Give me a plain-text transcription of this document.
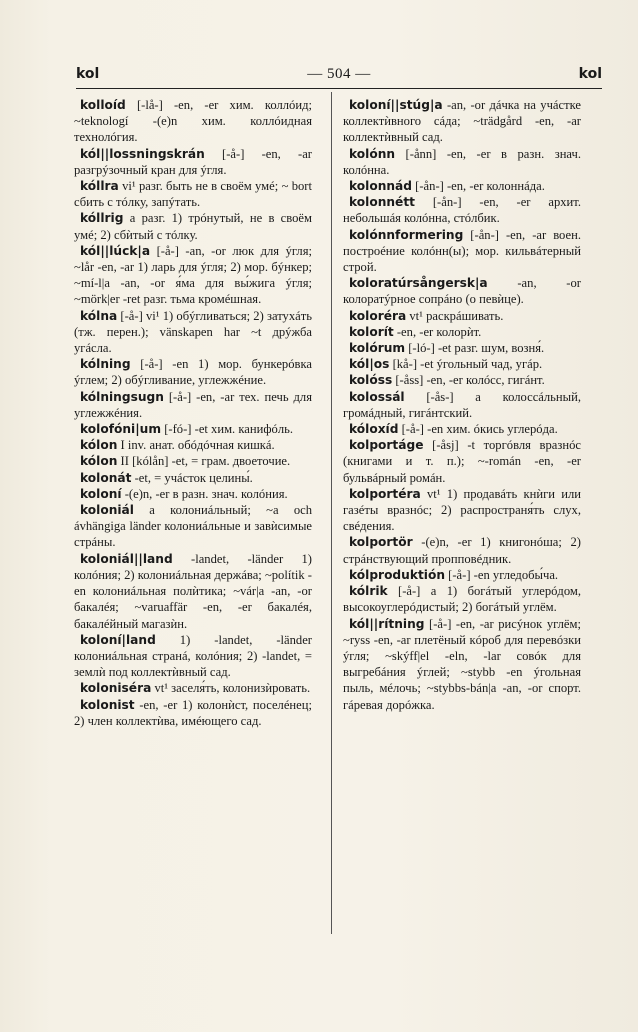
kol	— 504 —	kol

kolloíd [-lå-] -en, -er хим. коллóид; ~teknologí -(e)n хим. коллóидная технолóгия.

kól||lossningskrán [-å-] -en, -ar разгрýзочный кран для ýгля.

kóllra vi¹ разг. быть не в своём умé; ~ bort сбить с тóлку, запýтать.

kóllrig a разг. 1) трóнутый, не в своём умé; 2) сбѝтый с тóлку.

kól||lúck|a [-å-] -an, -or люк для ýгля; ~lår -en, -ar 1) ларь для ýгля; 2) мор. бýнкер; ~mí-l|a -an, -or я́ма для вы́жига ýгля; ~mörk|er -ret разг. тьма кромéшная.

kólna [-å-] vi¹ 1) обýгливаться; 2) затухáть (тж. перен.); vänskapen har ~t дрýжба угáсла.

kólning [-å-] -en 1) мор. бункерóвка ýглем; 2) обýгливание, углежжéние.

kólningsugn [-å-] -en, -ar тех. печь для углежжéния.

kolofóni|um [-fó-] -et хим. канифóль.

kólon I inv. анат. обóдóчная кишкá.

kólon II [kólån] -et, = грам. двоеточие.

kolonát -et, = учáсток целины́.

koloní -(e)n, -er в разн. знач. колóния.

koloniál a колониáльный; ~a och ávhängiga länder колониáльные и завѝсимые стрáны.

koloniál||land -landet, -länder 1) колóния; 2) колониáльная держáва; ~polítik -en колониáльная полѝтика; ~vár|a -an, -or бакалéя; ~varuaffär -en, -er бакалéя, бакалéйный магазѝн.

koloní|land 1) -landet, -länder колониáльная странá, колóния; 2) -landet, = землѝ под коллектѝвный сад.

koloniséra vt¹ заселя́ть, колонизѝровать.

kolonist -en, -er 1) колонѝст, поселéнец; 2) член коллектѝва, имéющего сад.

koloní||stúg|a -an, -or дáчка на учáстке коллектѝвного сáда; ~trädgård -en, -ar коллектѝвный сад.

kolónn [-ånn] -en, -er в разн. знач. колóнна.

kolonnád [-ån-] -en, -er колоннáда.

kolonnétt [-ån-] -en, -er архит. небольшáя колóнна, стóлбик.

kolónnformering [-ån-] -en, -ar воен. построéние колóнн(ы); мор. кильвáтерный строй.

koloratúrsångersk|a -an, -or колоратýрное сопрáно (о певѝце).

koloréra vt¹ раскрáшивать.

kolorít -en, -er колорѝт.

kolórum [-ló-] -et разг. шум, возня́.

kól|os [kå-] -et ýгольный чад, угáр.

kolóss [-åss] -en, -er колóсс, гигáнт.

kolossál [-ås-] a колоссáльный, громáдный, гигáнтский.

kóloxíd [-å-] -en хим. óкись углерóда.

kolportáge [-åsj] -t торгóвля вразнóс (книгами и т. п.); ~-román -en, -er бульвáрный ромáн.

kolportéra vt¹ 1) продавáть кнѝги или газéты вразнóс; 2) распространя́ть слух, свéдения.

kolportör -(e)n, -er 1) книгонóша; 2) стрáнствующий пропповéдник.

kólproduktión [-å-] -en угледобы́ча.

kólrik [-å-] a 1) богáтый углерóдом, высокоуглерóдистый; 2) богáтый углём.

kól||rítning [-å-] -en, -ar рисýнок углём; ~ryss -en, -ar плетёный кóроб для перевóзки ýгля; ~skýff|el -eln, -lar совóк для выгребáния ýглей; ~stybb -en ýгольная пыль, мéлочь; ~stybbs-bán|a -an, -or спорт. гáревая дорóжка.
